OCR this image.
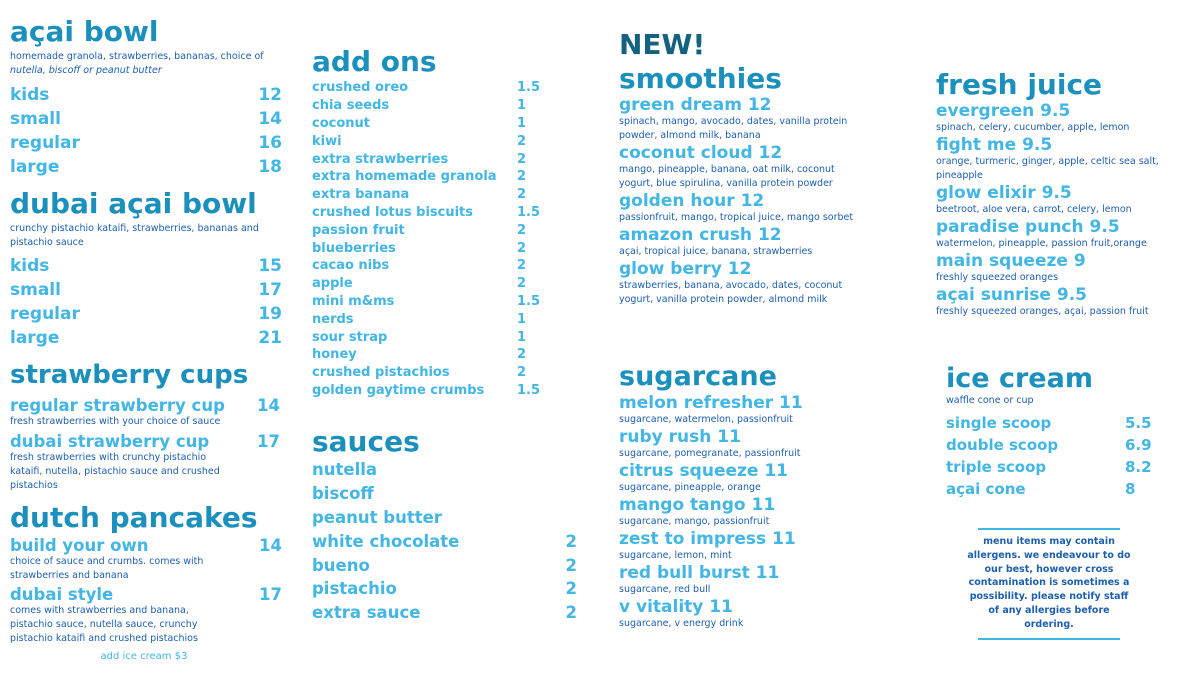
açai bowl
homemade granola, strawberries, bananas, choice of nutella, biscoff or peanut butter
kids	12
small	14
regular	16
large	18
dubai açai bowl
crunchy pistachio kataifi, strawberries, bananas and pistachio sauce
kids	15
small	17
regular	19
large	21
strawberry cups
regular strawberry cup 14
fresh strawberries with your choice of sauce
dubai strawberry cup	17
fresh strawberries with crunchy pistachio kataifi, nutella, pistachio sauce and crushed pistachios
dutch pancakes
build your own	14
choice of sauce and crumbs. comes with strawberries and banana
dubai style	17
comes with strawberries and banana, pistachio sauce, nutella sauce, crunchy pistachio kataifi and crushed pistachios
add ice cream $3
add ons
crushed oreo	1.5
chia seeds	1
coconut	1
kiwi	2
extra strawberries	2
extra homemade granola 2
extra banana	2
crushed lotus biscuits	1.5
passion fruit	2
blueberries	2
cacao nibs	2
apple	2
mini m&ms	1.5
nerds	1
sour strap	1
honey	2
crushed pistachios	2
golden gaytime crumbs	1.5
sauces
nutella
biscoff
peanut butter
white chocolate	2
bueno	2
pistachio	2
extra sauce	2
NEW!
smoothies
green dream 12
spinach, mango, avocado, dates, vanilla protein powder, almond milk, banana
coconut cloud 12
mango, pineapple, banana, oat milk, coconut yogurt, blue spirulina, vanilla protein powder
golden hour 12
passionfruit, mango, tropical juice, mango sorbet
amazon crush 12
açai, tropical juice, banana, strawberries
glow berry 12
strawberries, banana, avocado, dates, coconut yogurt, vanilla protein powder, almond milk
sugarcane
melon refresher 11
sugarcane, watermelon, passionfruit
ruby rush 11
sugarcane, pomegranate, passionfruit
citrus squeeze 11
sugarcane, pineapple, orange
mango tango 11
sugarcane, mango, passionfruit
zest to impress 11
sugarcane, lemon, mint
red bull burst 11
sugarcane, red bull
v vitality 11
sugarcane, v energy drink
fresh juice
evergreen 9.5
spinach, celery, cucumber, apple, lemon
fight me 9.5
orange, turmeric, ginger, apple, celtic sea salt, pineapple
glow elixir 9.5
beetroot, aloe vera, carrot, celery, lemon
paradise punch 9.5
watermelon, pineapple, passion fruit,orange
main squeeze 9
freshly squeezed oranges
açai sunrise 9.5
freshly squeezed oranges, açai, passion fruit
ice cream
waffle cone or cup
single scoop	5.5
double scoop	6.9
triple scoop	8.2
açai cone	8
menu items may contain allergens. we endeavour to do our best, however cross contamination is sometimes a possibility. please notify staff of any allergies before ordering.
